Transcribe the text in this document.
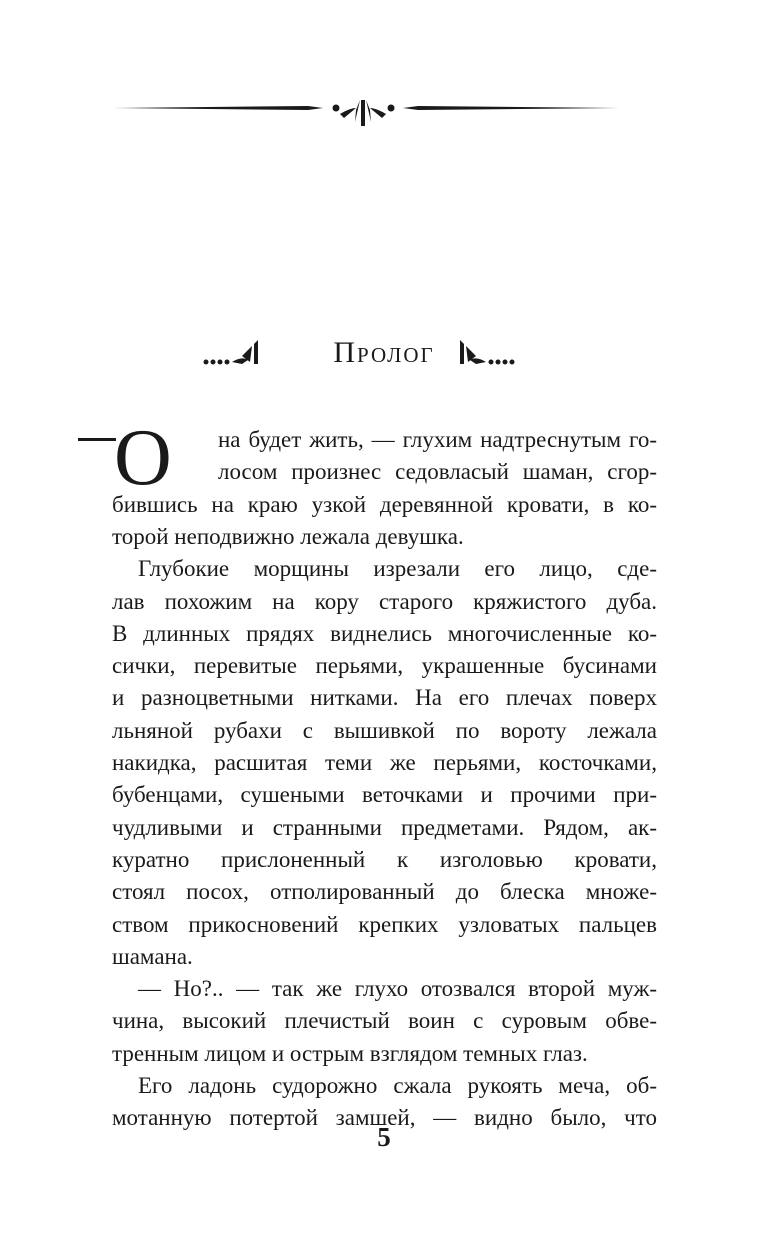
Пролог
О на будет жить, — глухим надтреснутым го-
лосом произнес седовласый шаман, сгор-
бившись на краю узкой деревянной кровати, в ко-
торой неподвижно лежала девушка.
Глубокие морщины изрезали его лицо, сде-
лав похожим на кору старого кряжистого дуба.
В длинных прядях виднелись многочисленные ко-
сички, перевитые перьями, украшенные бусинами
и разноцветными нитками. На его плечах поверх
льняной рубахи с вышивкой по вороту лежала
накидка, расшитая теми же перьями, косточками,
бубенцами, сушеными веточками и прочими при-
чудливыми и странными предметами. Рядом, ак-
куратно прислоненный к изголовью кровати,
стоял посох, отполированный до блеска множе-
ством прикосновений крепких узловатых пальцев
шамана.
— Но?.. — так же глухо отозвался второй муж-
чина, высокий плечистый воин с суровым обве-
тренным лицом и острым взглядом темных глаз.
Его ладонь судорожно сжала рукоять меча, об-
мотанную потертой замшей, — видно было, что
5
